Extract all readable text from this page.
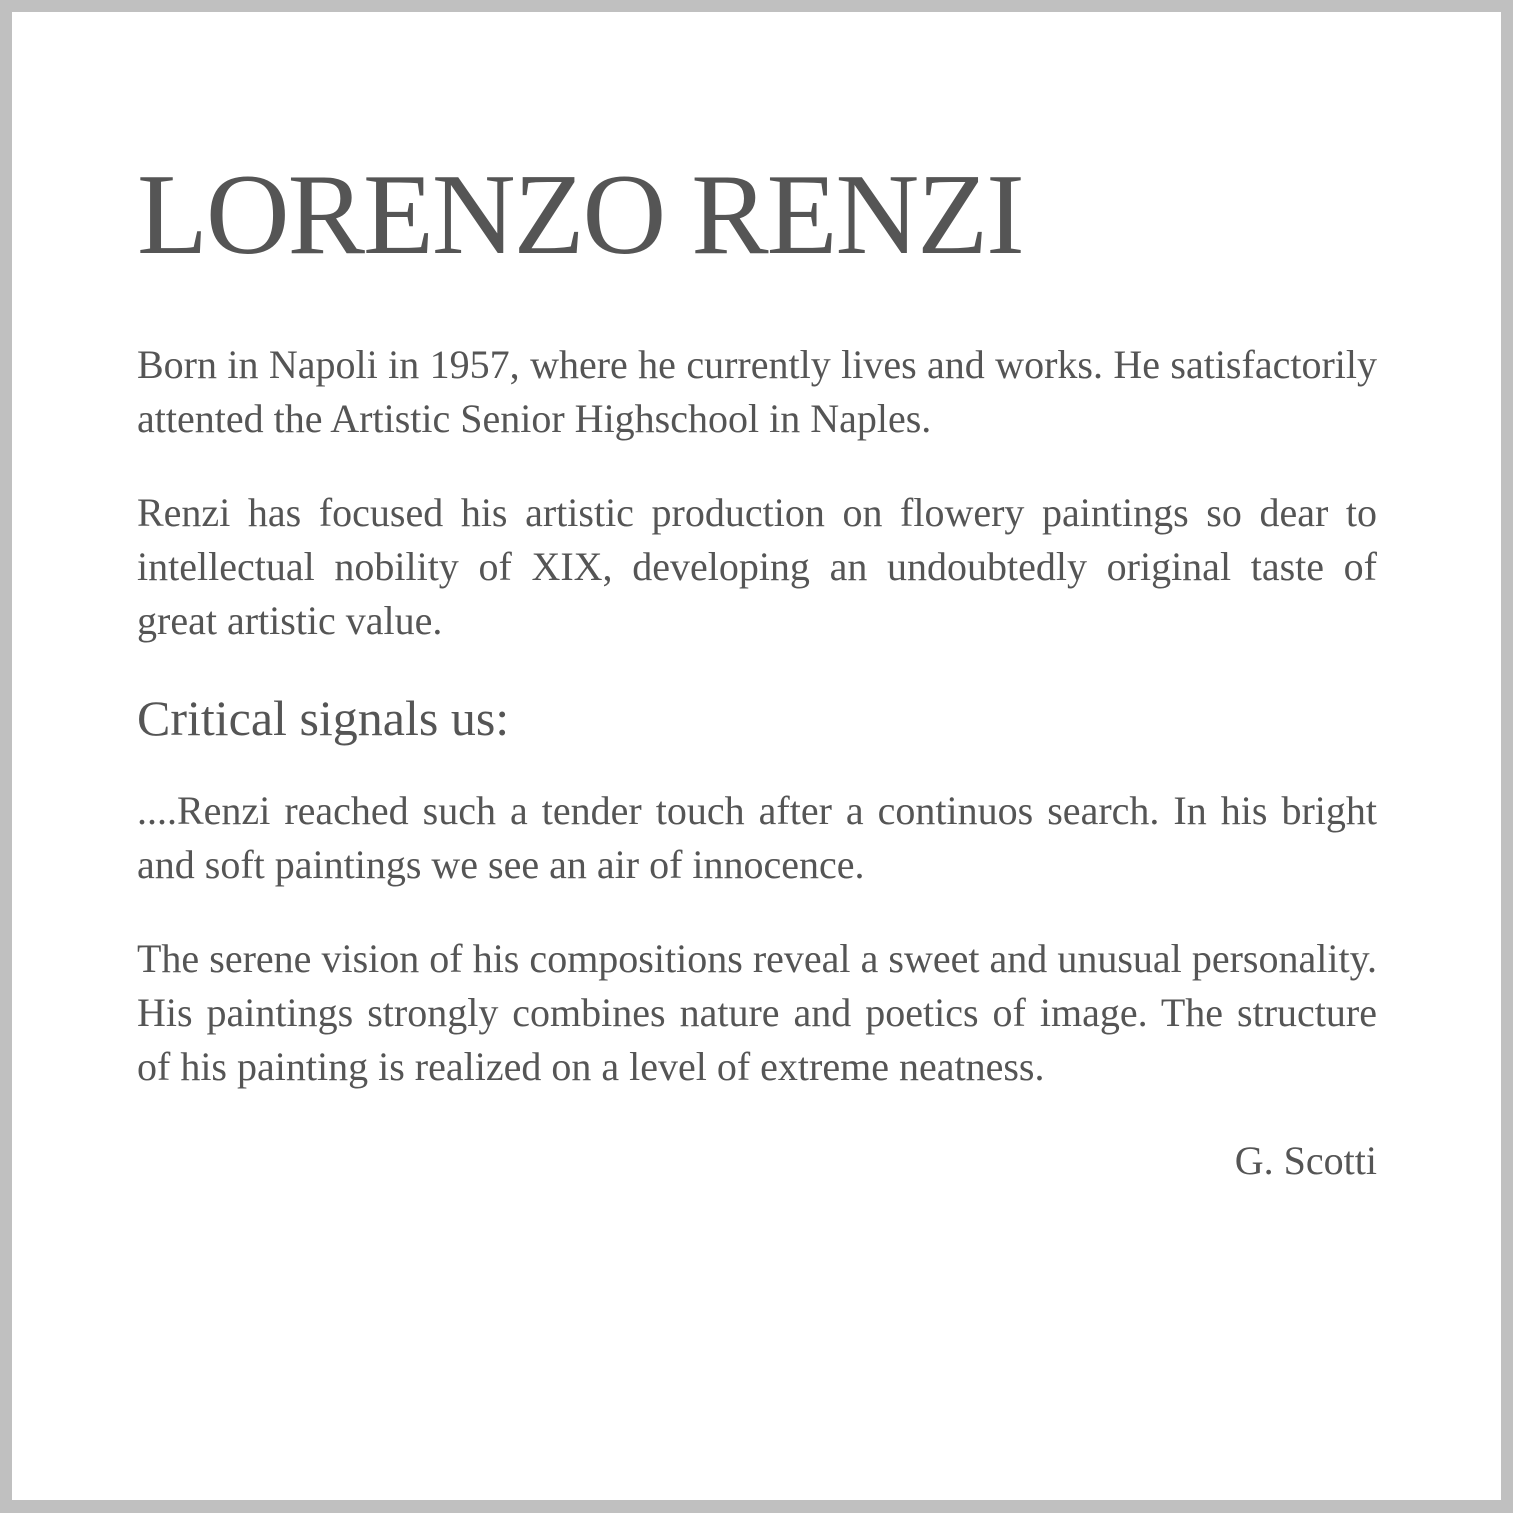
LORENZO RENZI

Born in Napoli in 1957, where he currently lives and works. He satisfactorily attented the Artistic Senior Highschool in Naples.

Renzi has focused his artistic production on flowery paintings so dear to intellectual nobility of XIX, developing an undoubtedly original taste of great artistic value.

Critical signals us:

....Renzi reached such a tender touch after a continuos search. In his bright and soft paintings we see an air of innocence.

The serene vision of his compositions reveal a sweet and unusual personality. His paintings strongly combines nature and poetics of image. The structure of his painting is realized on a level of extreme neatness.

G. Scotti
